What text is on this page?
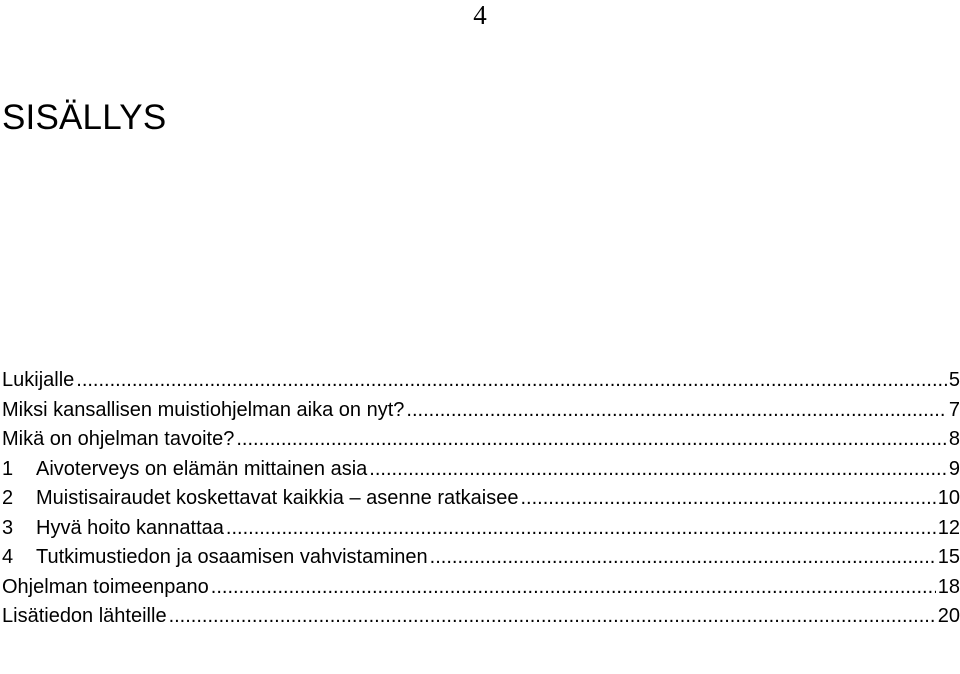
4
SISÄLLYS
Lukijalle .....	5
Miksi kansallisen muistiohjelman aika on nyt? .....	7
Mikä on ohjelman tavoite? .....	8
1	Aivoterveys on elämän mittainen asia .....	9
2	Muistisairaudet koskettavat kaikkia – asenne ratkaisee .....	10
3	Hyvä hoito kannattaa .....	12
4	Tutkimustiedon ja osaamisen vahvistaminen .....	15
Ohjelman toimeenpano .....	18
Lisätiedon lähteille .....	20
